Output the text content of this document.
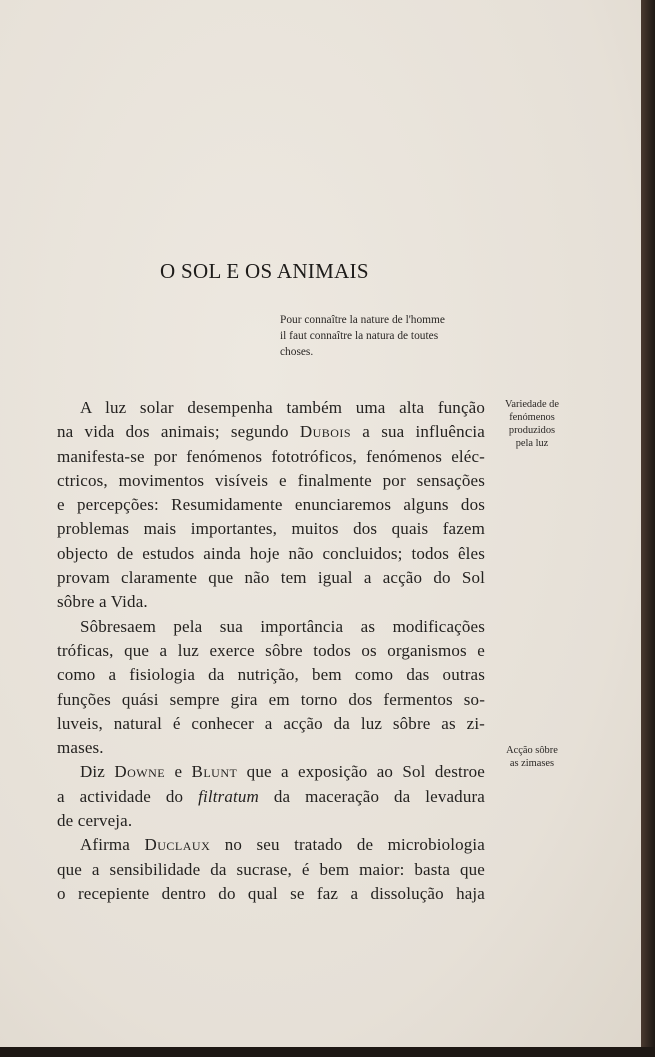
O SOL E OS ANIMAIS
Pour connaître la nature de l'homme
il faut connaître la natura de toutes
choses.
Variedade de
fenómenos
produzidos
pela luz
Acção sôbre
as zimases
A luz solar desempenha também uma alta função
na vida dos animais; segundo Dubois a sua influência
manifesta-se por fenómenos fototróficos, fenómenos eléc-
ctricos, movimentos visíveis e finalmente por sensações
e percepções: Resumidamente enunciaremos alguns dos
problemas mais importantes, muitos dos quais fazem
objecto de estudos ainda hoje não concluidos; todos êles
provam claramente que não tem igual a acção do Sol
sôbre a Vida.
Sôbresaem pela sua importância as modificações
tróficas, que a luz exerce sôbre todos os organismos e
como a fisiologia da nutrição, bem como das outras
funções quási sempre gira em torno dos fermentos so-
luveis, natural é conhecer a acção da luz sôbre as zi-
mases.
Diz Downe e Blunt que a exposição ao Sol destroe
a actividade do filtratum da maceração da levadura
de cerveja.
Afirma Duclaux no seu tratado de microbiologia
que a sensibilidade da sucrase, é bem maior: basta que
o recepiente dentro do qual se faz a dissolução haja
